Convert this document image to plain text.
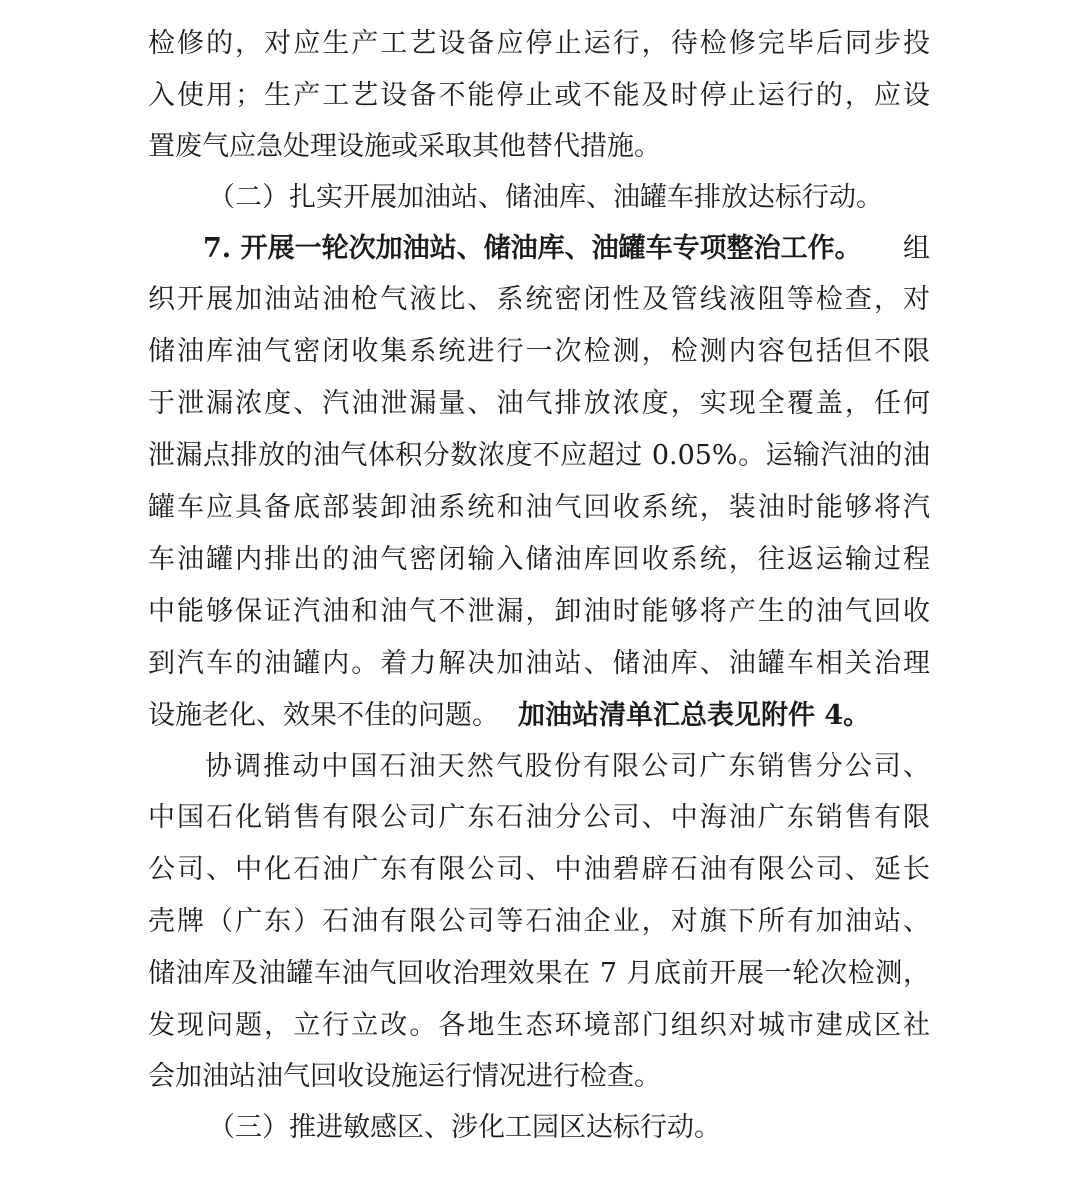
检修的，对应生产工艺设备应停止运行，待检修完毕后同步投
入使用；生产工艺设备不能停止或不能及时停止运行的，应设
置废气应急处理设施或采取其他替代措施。
（二）扎实开展加油站、储油库、油罐车排放达标行动。
7. 开展一轮次加油站、储油库、油罐车专项整治工作。 组
织开展加油站油枪气液比、系统密闭性及管线液阻等检查，对
储油库油气密闭收集系统进行一次检测，检测内容包括但不限
于泄漏浓度、汽油泄漏量、油气排放浓度，实现全覆盖，任何
泄漏点排放的油气体积分数浓度不应超过 0.05%。运输汽油的油
罐车应具备底部装卸油系统和油气回收系统，装油时能够将汽
车油罐内排出的油气密闭输入储油库回收系统，往返运输过程
中能够保证汽油和油气不泄漏，卸油时能够将产生的油气回收
到汽车的油罐内。着力解决加油站、储油库、油罐车相关治理
设施老化、效果不佳的问题。 加油站清单汇总表见附件 4。
协调推动中国石油天然气股份有限公司广东销售分公司、
中国石化销售有限公司广东石油分公司、中海油广东销售有限
公司、中化石油广东有限公司、中油碧辟石油有限公司、延长
壳牌（广东）石油有限公司等石油企业，对旗下所有加油站、
储油库及油罐车油气回收治理效果在 7 月底前开展一轮次检测，
发现问题，立行立改。各地生态环境部门组织对城市建成区社
会加油站油气回收设施运行情况进行检查。
（三）推进敏感区、涉化工园区达标行动。
